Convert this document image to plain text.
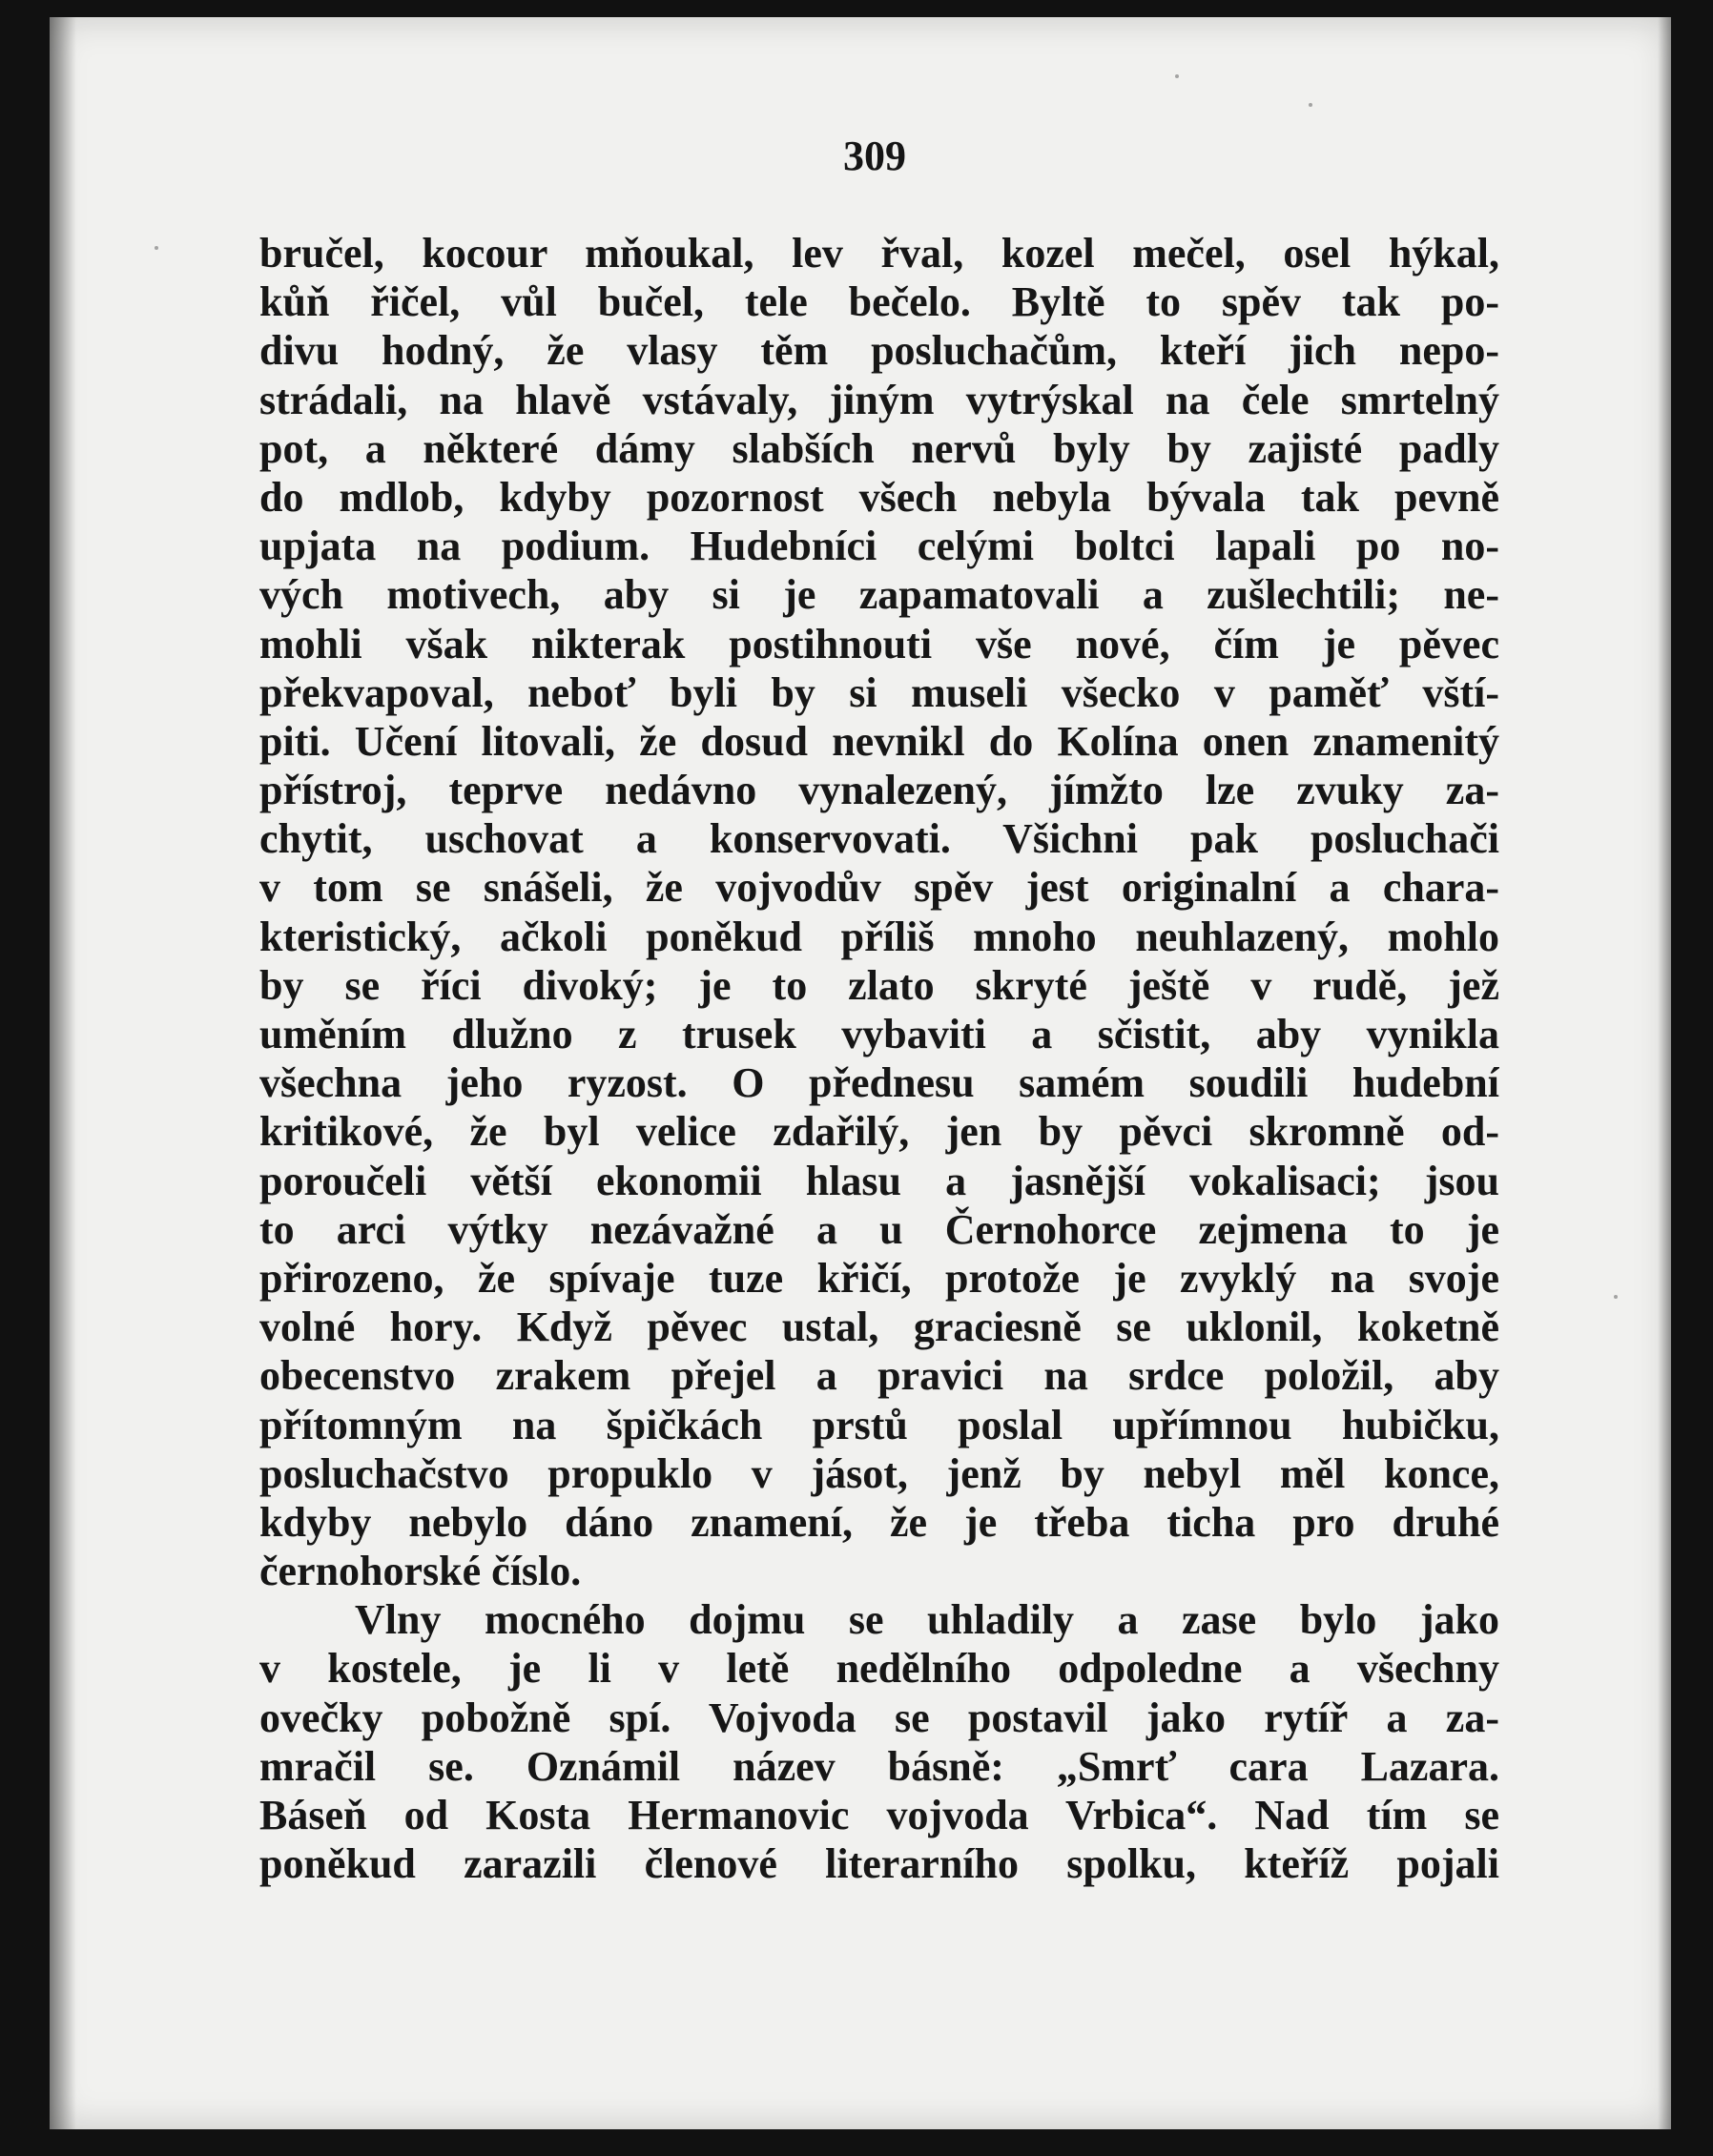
309
bručel, kocour mňoukal, lev řval, kozel mečel, osel hýkal,
kůň řičel, vůl bučel, tele bečelo. Byltě to spěv tak po-
divu hodný, že vlasy těm posluchačům, kteří jich nepo-
strádali, na hlavě vstávaly, jiným vytrýskal na čele smrtelný
pot, a některé dámy slabších nervů byly by zajisté padly
do mdlob, kdyby pozornost všech nebyla bývala tak pevně
upjata na podium. Hudebníci celými boltci lapali po no-
vých motivech, aby si je zapamatovali a zušlechtili; ne-
mohli však nikterak postihnouti vše nové, čím je pěvec
překvapoval, neboť byli by si museli všecko v paměť vští-
piti. Učení litovali, že dosud nevnikl do Kolína onen znamenitý
přístroj, teprve nedávno vynalezený, jímžto lze zvuky za-
chytit, uschovat a konservovati. Všichni pak posluchači
v tom se snášeli, že vojvodův spěv jest originalní a chara-
kteristický, ačkoli poněkud příliš mnoho neuhlazený, mohlo
by se říci divoký; je to zlato skryté ještě v rudě, jež
uměním dlužno z trusek vybaviti a sčistit, aby vynikla
všechna jeho ryzost. O přednesu samém soudili hudební
kritikové, že byl velice zdařilý, jen by pěvci skromně od-
poroučeli větší ekonomii hlasu a jasnější vokalisaci; jsou
to arci výtky nezávažné a u Černohorce zejmena to je
přirozeno, že spívaje tuze křičí, protože je zvyklý na svoje
volné hory. Když pěvec ustal, graciesně se uklonil, koketně
obecenstvo zrakem přejel a pravici na srdce položil, aby
přítomným na špičkách prstů poslal upřímnou hubičku,
posluchačstvo propuklo v jásot, jenž by nebyl měl konce,
kdyby nebylo dáno znamení, že je třeba ticha pro druhé
černohorské číslo.
Vlny mocného dojmu se uhladily a zase bylo jako
v kostele, je li v letě nedělního odpoledne a všechny
ovečky pobožně spí. Vojvoda se postavil jako rytíř a za-
mračil se. Oznámil název básně: „Smrť cara Lazara.
Báseň od Kosta Hermanovic vojvoda Vrbica“. Nad tím se
poněkud zarazili členové literarního spolku, kteříž pojali
